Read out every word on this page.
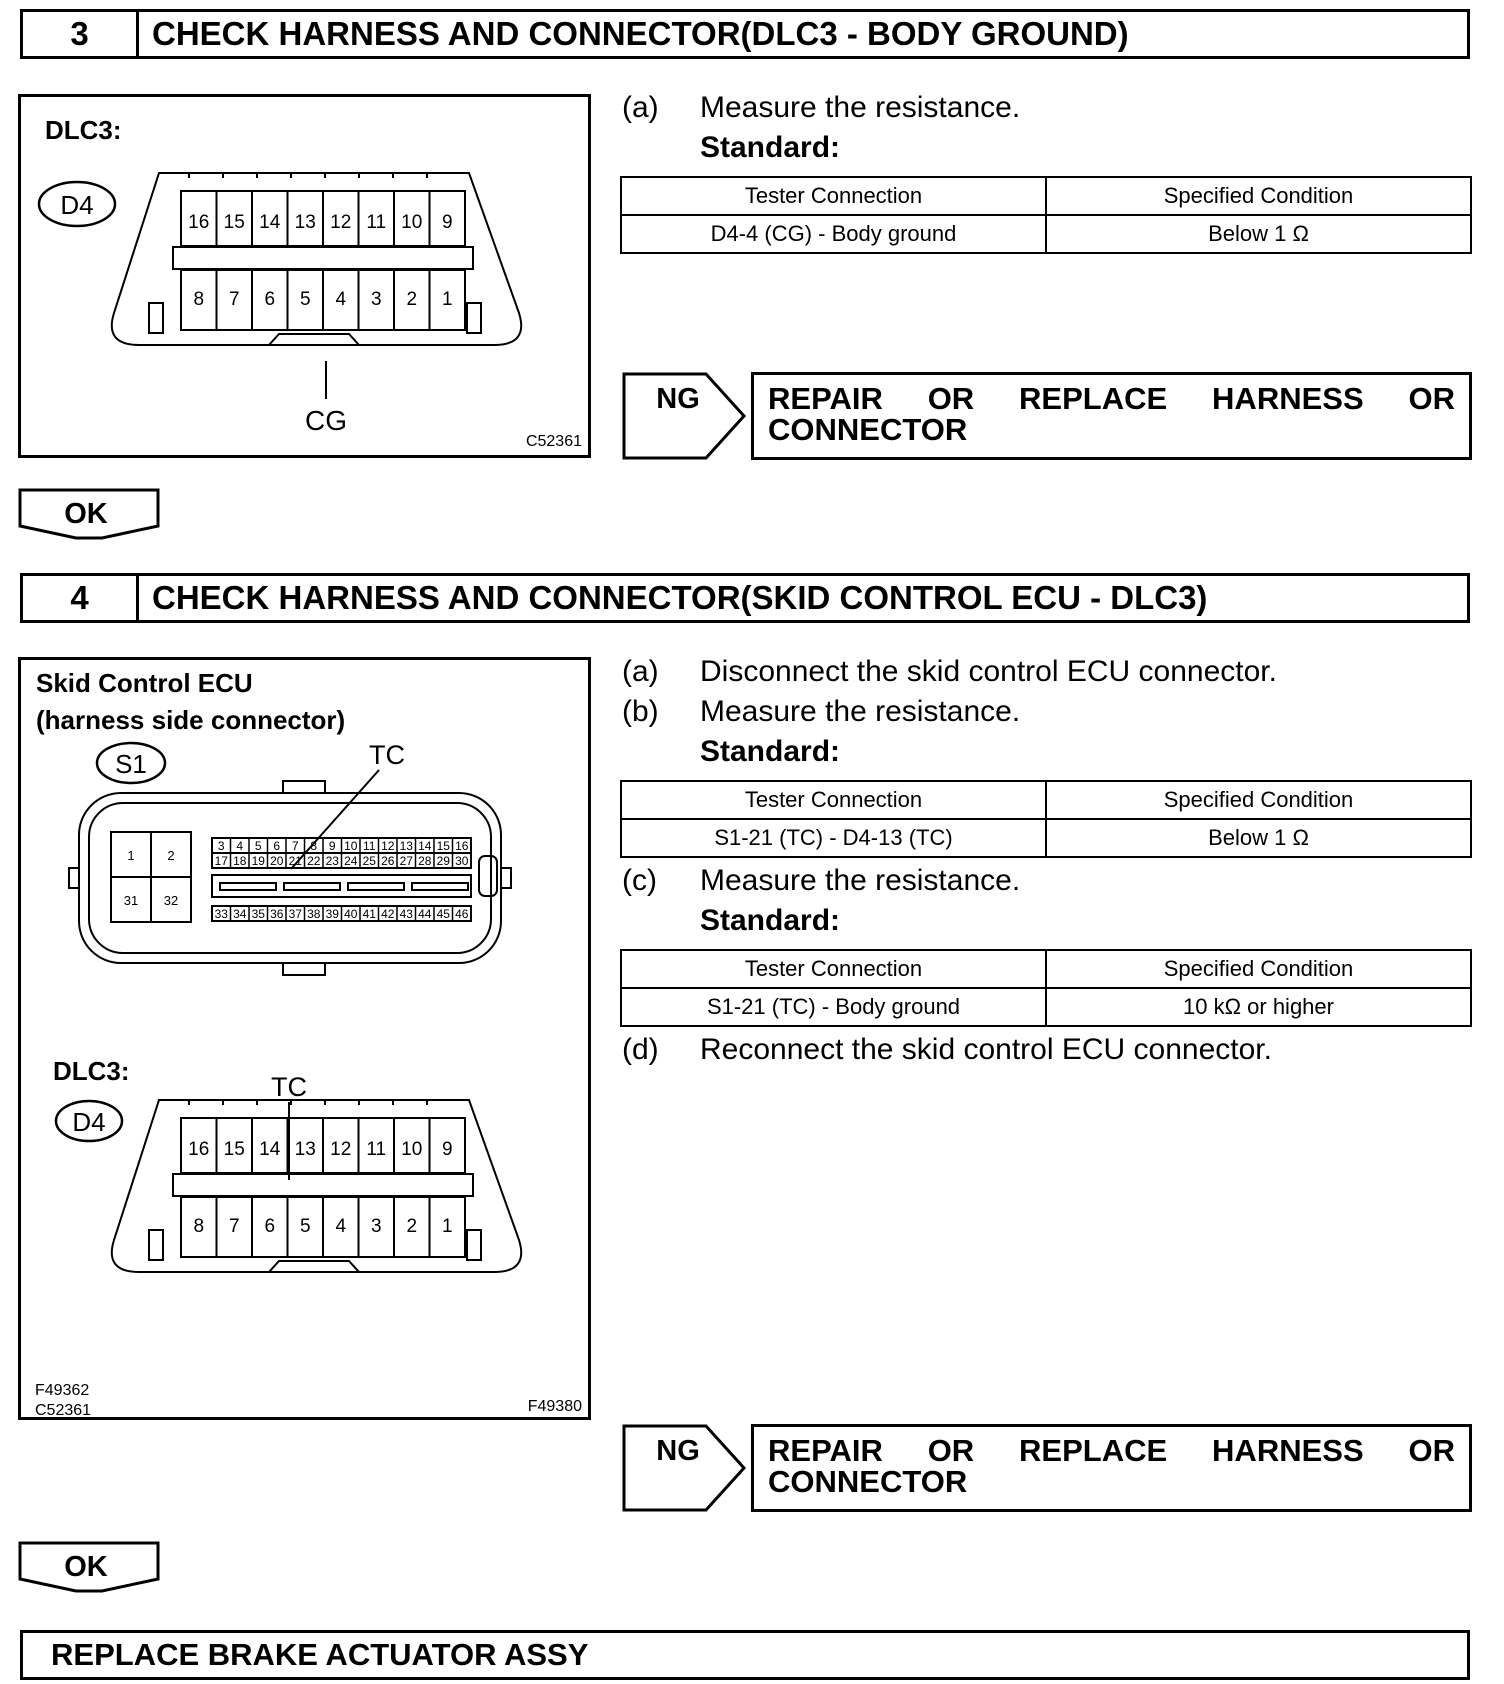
3	CHECK HARNESS AND CONNECTOR(DLC3 - BODY GROUND)
DLC3:
16 15 14 13 12 11 10 9
8 7 6 5 4 3 2 1
D4
CG
C52361
(a) Measure the resistance.
Standard:
Tester Connection	Specified Condition
D4-4 (CG) - Body ground	Below 1 Ω
NG REPAIR OR REPLACE HARNESS OR
CONNECTOR
OK
4	CHECK HARNESS AND CONNECTOR(SKID CONTROL ECU - DLC3)
Skid Control ECU
(harness side connector)
S1	TC
1	2
31 32
3 4 5 6 7 8 9 10 11 12 13 14 15 16
17 18 19 20 21 22 23 24 25 26 27 28 29 30
33 34 35 36 37 38 39 40 41 42 43 44 45 46
D4
TC
16 15 14 13 12 11 10 9
8 7 6 5 4 3 2 1
DLC3:
F49362
C52361	F49380
(a) Disconnect the skid control ECU connector.
(b) Measure the resistance.
Standard:
Tester Connection	Specified Condition
S1-21 (TC) - D4-13 (TC)	Below 1 Ω
(c) Measure the resistance.
Standard:
Tester Connection	Specified Condition
S1-21 (TC) - Body ground	10 kΩ or higher
(d) Reconnect the skid control ECU connector.
NG REPAIR OR REPLACE HARNESS OR
CONNECTOR
OK
REPLACE BRAKE ACTUATOR ASSY
